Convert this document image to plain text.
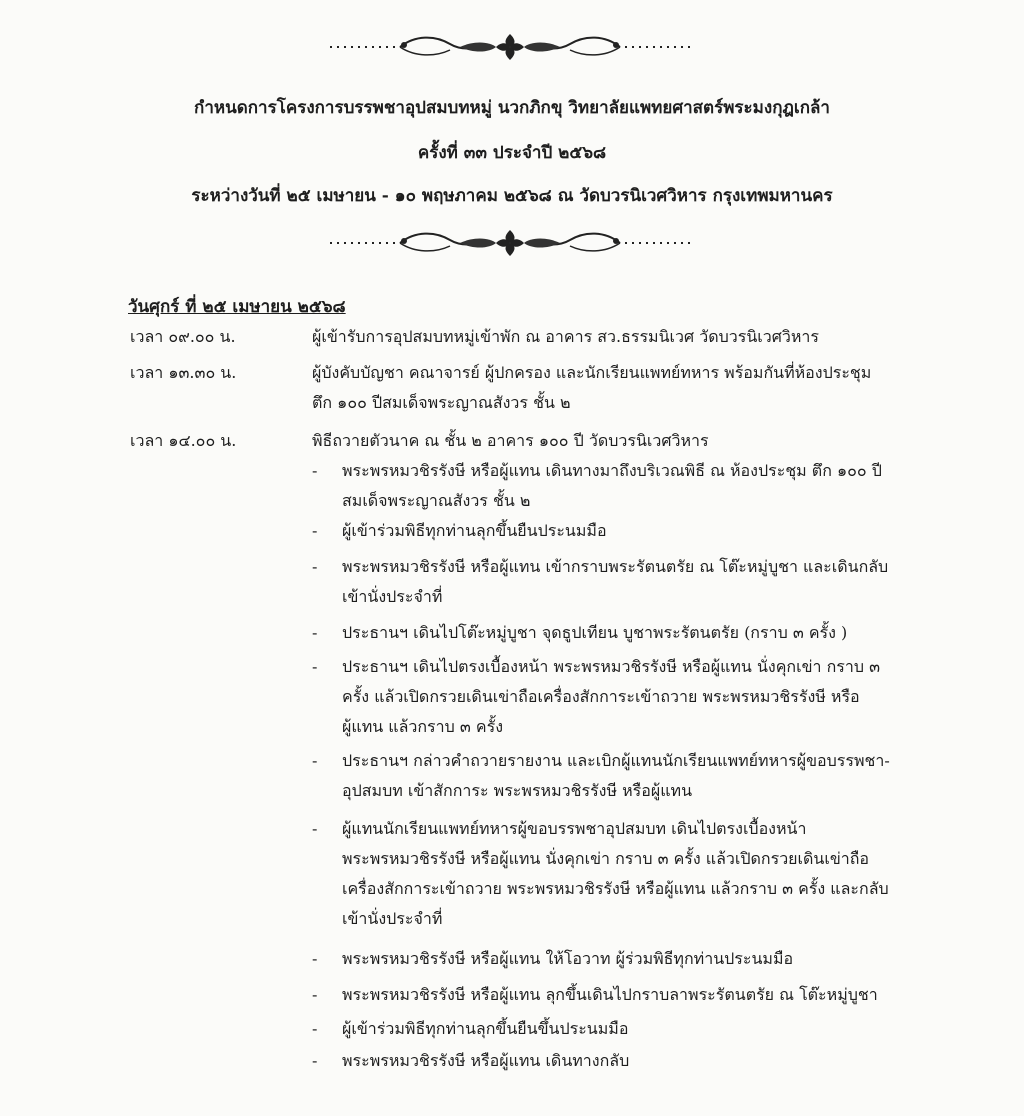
กำหนดการโครงการบรรพชาอุปสมบทหมู่ นวกภิกขุ วิทยาลัยแพทยศาสตร์พระมงกุฎเกล้า
ครั้งที่ ๓๓ ประจำปี ๒๕๖๘
ระหว่างวันที่ ๒๕ เมษายน - ๑๐ พฤษภาคม ๒๕๖๘ ณ วัดบวรนิเวศวิหาร กรุงเทพมหานคร
วันศุกร์ ที่ ๒๕ เมษายน ๒๕๖๘
เวลา ๐๙.๐๐ น.	ผู้เข้ารับการอุปสมบทหมู่เข้าพัก ณ อาคาร สว.ธรรมนิเวศ วัดบวรนิเวศวิหาร
เวลา ๑๓.๓๐ น.	ผู้บังคับบัญชา คณาจารย์ ผู้ปกครอง และนักเรียนแพทย์ทหาร พร้อมกันที่ห้องประชุม
ตึก ๑๐๐ ปีสมเด็จพระญาณสังวร ชั้น ๒
เวลา ๑๔.๐๐ น.	พิธีถวายตัวนาค ณ ชั้น ๒ อาคาร ๑๐๐ ปี วัดบวรนิเวศวิหาร
- พระพรหมวชิรรังษี หรือผู้แทน เดินทางมาถึงบริเวณพิธี ณ ห้องประชุม ตึก ๑๐๐ ปี
สมเด็จพระญาณสังวร ชั้น ๒
- ผู้เข้าร่วมพิธีทุกท่านลุกขึ้นยืนประนมมือ
- พระพรหมวชิรรังษี หรือผู้แทน เข้ากราบพระรัตนตรัย ณ โต๊ะหมู่บูชา และเดินกลับ
เข้านั่งประจำที่
- ประธานฯ เดินไปโต๊ะหมู่บูชา จุดธูปเทียน บูชาพระรัตนตรัย (กราบ ๓ ครั้ง )
- ประธานฯ เดินไปตรงเบื้องหน้า พระพรหมวชิรรังษี หรือผู้แทน นั่งคุกเข่า กราบ ๓
ครั้ง แล้วเปิดกรวยเดินเข่าถือเครื่องสักการะเข้าถวาย พระพรหมวชิรรังษี หรือ
ผู้แทน แล้วกราบ ๓ ครั้ง
- ประธานฯ กล่าวคำถวายรายงาน และเบิกผู้แทนนักเรียนแพทย์ทหารผู้ขอบรรพชา-
อุปสมบท เข้าสักการะ พระพรหมวชิรรังษี หรือผู้แทน
- ผู้แทนนักเรียนแพทย์ทหารผู้ขอบรรพชาอุปสมบท เดินไปตรงเบื้องหน้า
พระพรหมวชิรรังษี หรือผู้แทน นั่งคุกเข่า กราบ ๓ ครั้ง แล้วเปิดกรวยเดินเข่าถือ
เครื่องสักการะเข้าถวาย พระพรหมวชิรรังษี หรือผู้แทน แล้วกราบ ๓ ครั้ง และกลับ
เข้านั่งประจำที่
- พระพรหมวชิรรังษี หรือผู้แทน ให้โอวาท ผู้ร่วมพิธีทุกท่านประนมมือ
- พระพรหมวชิรรังษี หรือผู้แทน ลุกขึ้นเดินไปกราบลาพระรัตนตรัย ณ โต๊ะหมู่บูชา
- ผู้เข้าร่วมพิธีทุกท่านลุกขึ้นยืนขึ้นประนมมือ
- พระพรหมวชิรรังษี หรือผู้แทน เดินทางกลับ
